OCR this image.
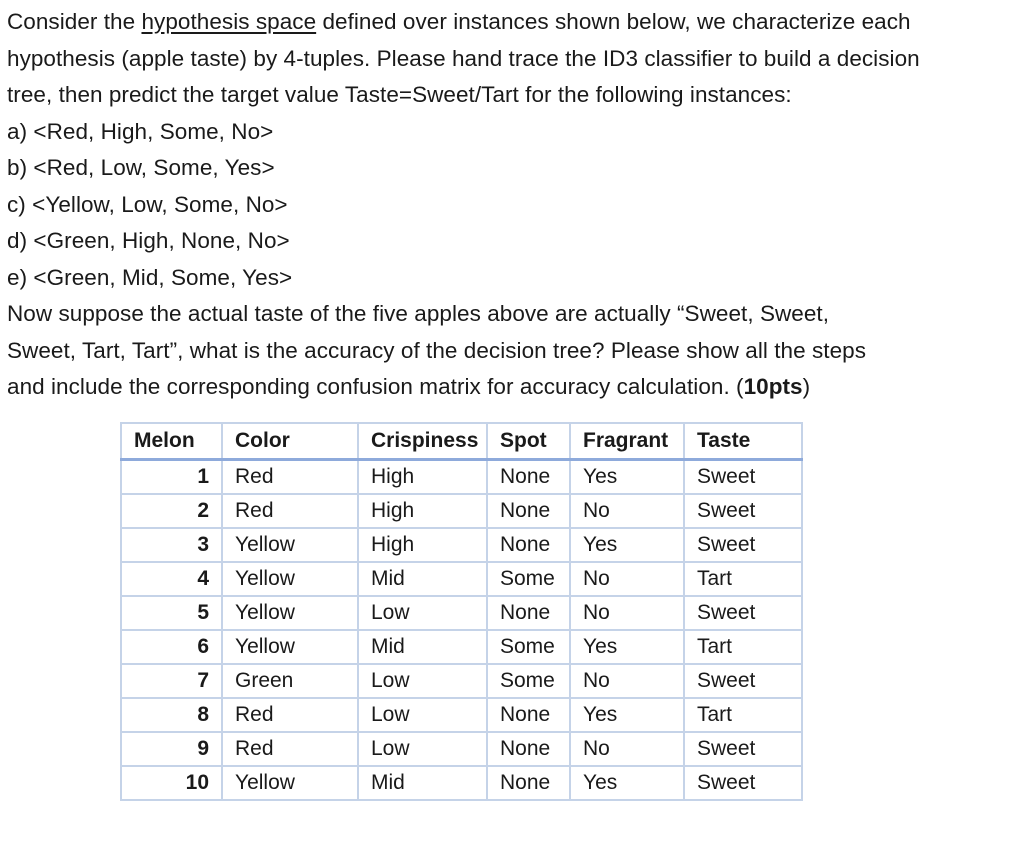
Consider the hypothesis space defined over instances shown below, we characterize each
hypothesis (apple taste) by 4-tuples. Please hand trace the ID3 classifier to build a decision
tree, then predict the target value Taste=Sweet/Tart for the following instances:
a) <Red, High, Some, No>
b) <Red, Low, Some, Yes>
c) <Yellow, Low, Some, No>
d) <Green, High, None, No>
e) <Green, Mid, Some, Yes>
Now suppose the actual taste of the five apples above are actually “Sweet, Sweet,
Sweet, Tart, Tart”, what is the accuracy of the decision tree? Please show all the steps
and include the corresponding confusion matrix for accuracy calculation. (10pts)
Melon	Color	Crispiness	Spot	Fragrant	Taste
1	Red	High	None	Yes	Sweet
2	Red	High	None	No	Sweet
3	Yellow	High	None	Yes	Sweet
4	Yellow	Mid	Some	No	Tart
5	Yellow	Low	None	No	Sweet
6	Yellow	Mid	Some	Yes	Tart
7	Green	Low	Some	No	Sweet
8	Red	Low	None	Yes	Tart
9	Red	Low	None	No	Sweet
10	Yellow	Mid	None	Yes	Sweet
